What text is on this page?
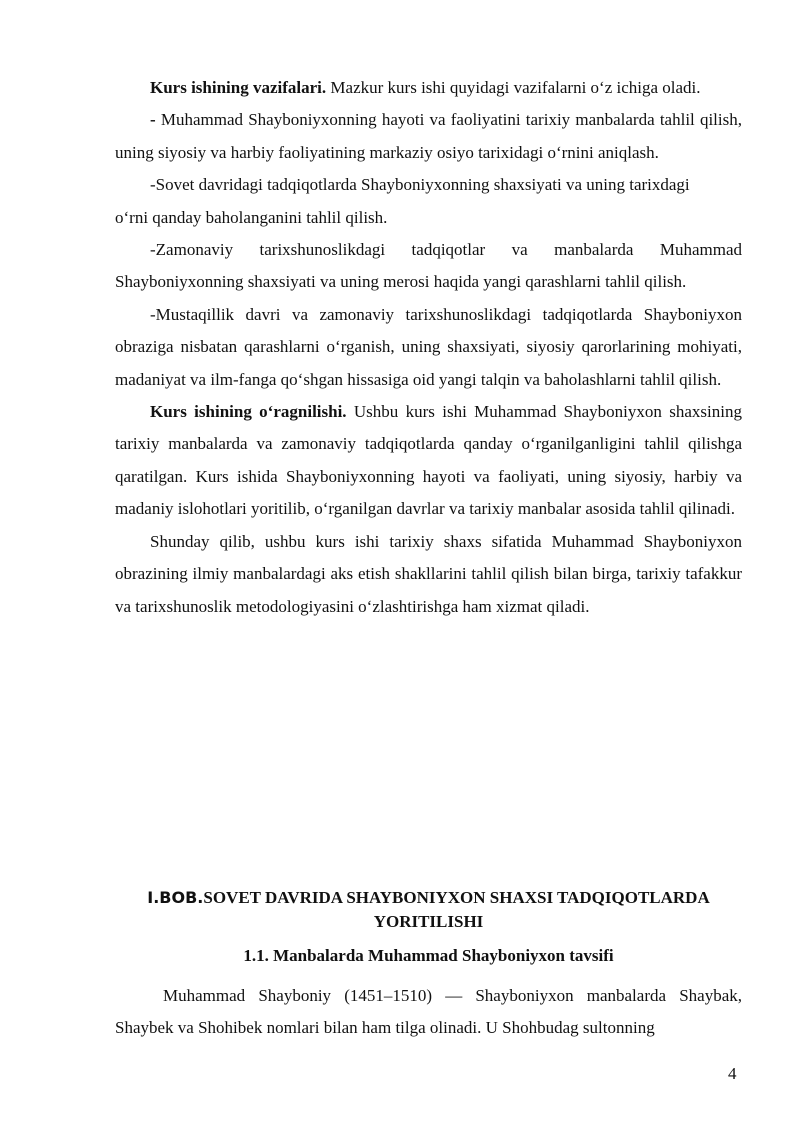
Kurs ishining vazifalari. Mazkur kurs ishi quyidagi vazifalarni o‘z ichiga oladi.

- Muhammad Shayboniyxonning hayoti va faoliyatini tarixiy manbalarda tahlil qilish, uning siyosiy va harbiy faoliyatining markaziy osiyo tarixidagi o‘rnini aniqlash.

-Sovet davridagi tadqiqotlarda Shayboniyxonning shaxsiyati va uning tarixdagi
o‘rni qanday baholanganini tahlil qilish.

-Zamonaviy tarixshunoslikdagi tadqiqotlar va manbalarda Muhammad Shayboniyxonning shaxsiyati va uning merosi haqida yangi qarashlarni tahlil qilish.

-Mustaqillik davri va zamonaviy tarixshunoslikdagi tadqiqotlarda Shayboniyxon obraziga nisbatan qarashlarni o‘rganish, uning shaxsiyati, siyosiy qarorlarining mohiyati, madaniyat va ilm-fanga qo‘shgan hissasiga oid yangi talqin va baholashlarni tahlil qilish.

Kurs ishining o‘ragnilishi. Ushbu kurs ishi Muhammad Shayboniyxon shaxsining tarixiy manbalarda va zamonaviy tadqiqotlarda qanday o‘rganilganligini tahlil qilishga qaratilgan. Kurs ishida Shayboniyxonning hayoti va faoliyati, uning siyosiy, harbiy va madaniy islohotlari yoritilib, o‘rganilgan davrlar va tarixiy manbalar asosida tahlil qilinadi.

Shunday qilib, ushbu kurs ishi tarixiy shaxs sifatida Muhammad Shayboniyxon obrazining ilmiy manbalardagi aks etish shakllarini tahlil qilish bilan birga, tarixiy tafakkur va tarixshunoslik metodologiyasini o‘zlashtirishga ham xizmat qiladi.

I.BOB.SOVET DAVRIDA SHAYBONIYXON SHAXSI TADQIQOTLARDA YORITILISHI
1.1. Manbalarda Muhammad Shayboniyxon tavsifi

Muhammad Shayboniy (1451–1510) — Shayboniyxon manbalarda Shaybak, Shaybek va Shohibek nomlari bilan ham tilga olinadi. U Shohbudag sultonning

4
